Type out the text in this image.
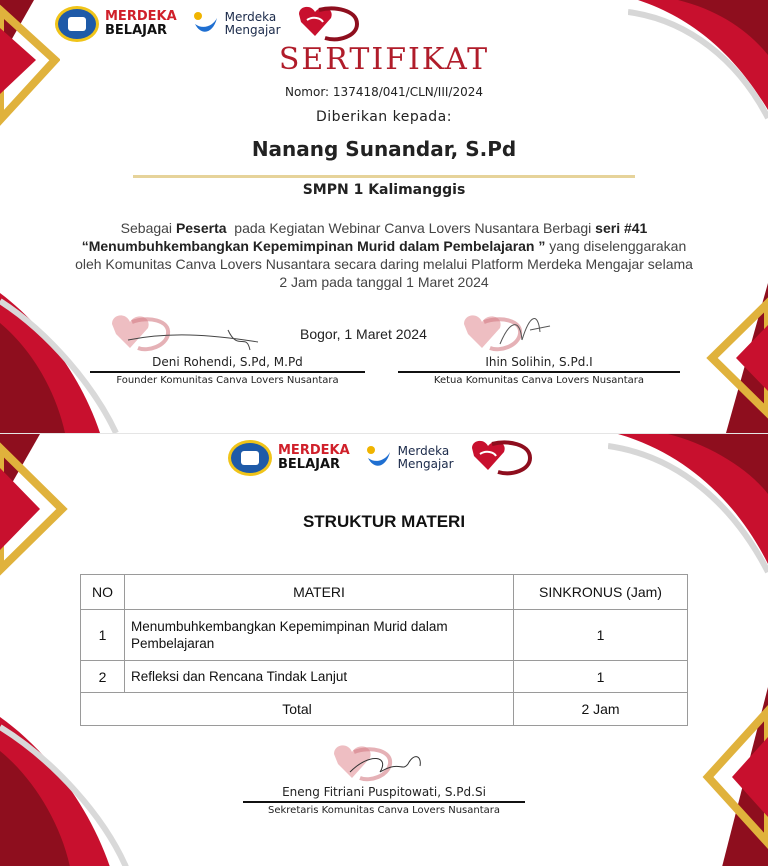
MERDEKA
BELAJAR
Merdeka
Mengajar
SERTIFIKAT
Nomor: 137418/041/CLN/III/2024
Diberikan kepada:
Nanang Sunandar, S.Pd
SMPN 1 Kalimanggis
Sebagai Peserta  pada Kegiatan Webinar Canva Lovers Nusantara Berbagi seri #41
“Menumbuhkembangkan Kepemimpinan Murid dalam Pembelajaran ” yang diselenggarakan oleh Komunitas Canva Lovers Nusantara secara daring melalui Platform Merdeka Mengajar selama 2 Jam pada tanggal 1 Maret 2024
Bogor, 1 Maret 2024
Deni Rohendi, S.Pd, M.Pd
Founder Komunitas Canva Lovers Nusantara
Ihin Solihin, S.Pd.I
Ketua Komunitas Canva Lovers Nusantara
MERDEKA
BELAJAR
Merdeka
Mengajar
STRUKTUR MATERI
NO	MATERI	SINKRONUS (Jam)
1	Menumbuhkembangkan Kepemimpinan Murid dalam Pembelajaran	1
2	Refleksi dan Rencana Tindak Lanjut	1
Total		2 Jam
Eneng Fitriani Puspitowati, S.Pd.Si
Sekretaris Komunitas Canva Lovers Nusantara
